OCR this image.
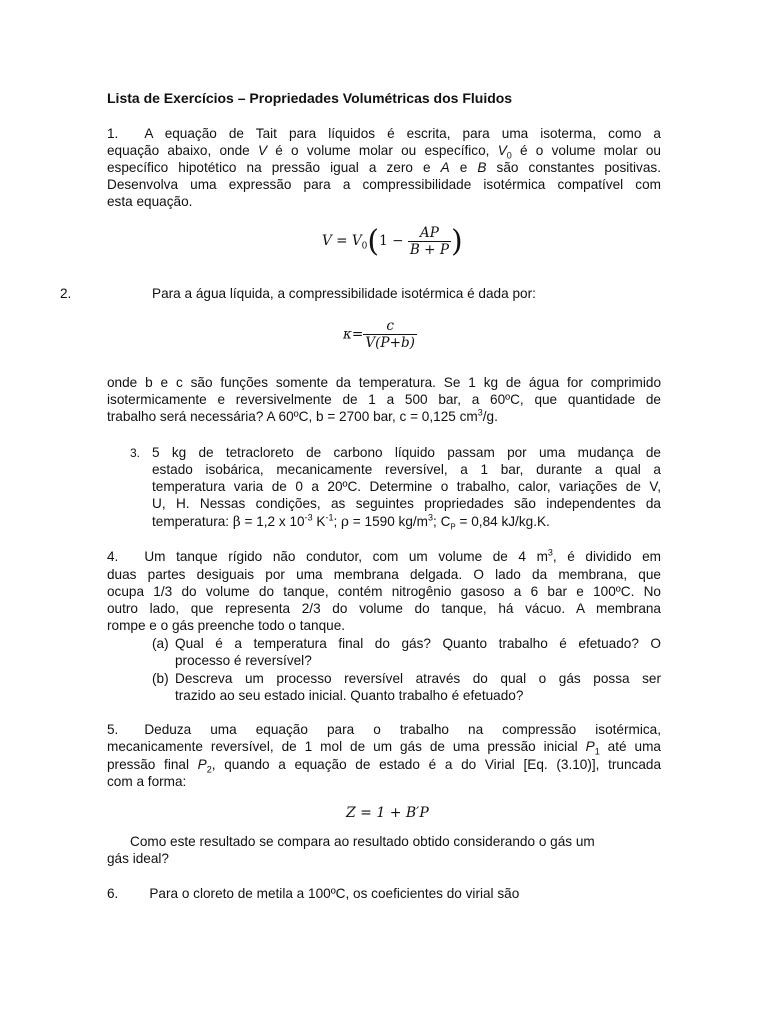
Lista de Exercícios – Propriedades Volumétricas dos Fluidos
1. A equação de Tait para líquidos é escrita, para uma isoterma, como a
equação abaixo, onde V é o volume molar ou específico, $V_0$ é o volume molar ou
específico hipotético na pressão igual a zero e A e B são constantes positivas.
Desenvolva uma expressão para a compressibilidade isotérmica compatível com
esta equação.
$V = V_0(1 - \frac{AP}{B + P}$ )
2.	Para a água líquida, a compressibilidade isotérmica é dada por:
$\kappa= \frac{c}{V(P+b)}$
onde b e c são funções somente da temperatura. Se 1 kg de água for comprimido
isotermicamente e reversivelmente de 1 a 500 bar, a 60ºC, que quantidade de
trabalho será necessária? A 60ºC, b = 2700 bar, c = 0,125 $cm^3/g$.
3. 5 kg de tetracloreto de carbono líquido passam por uma mudança de
estado isobárica, mecanicamente reversível, a 1 bar, durante a qual a
temperatura varia de 0 a 20ºC. Determine o trabalho, calor, variações de V,
U, H. Nessas condições, as seguintes propriedades são independentes da
temperatura: β = 1,2 x $10^{-3}$ $K^{-1}$; ρ = 1590 $kg/m^3$; $C_P = 0,84$ kJ/kg.K.
4. Um tanque rígido não condutor, com um volume de 4 $m^3$, é dividido em
duas partes desiguais por uma membrana delgada. O lado da membrana, que
ocupa 1/3 do volume do tanque, contém nitrogênio gasoso a 6 bar e 100ºC. No
outro lado, que representa 2/3 do volume do tanque, há vácuo. A membrana
rompe e o gás preenche todo o tanque.
(a) Qual é a temperatura final do gás? Quanto trabalho é efetuado? O
processo é reversível?
(b) Descreva um processo reversível através do qual o gás possa ser
trazido ao seu estado inicial. Quanto trabalho é efetuado?
5. Deduza uma equação para o trabalho na compressão isotérmica,
mecanicamente reversível, de 1 mol de um gás de uma pressão inicial $P_1$ até uma
pressão final $P_2$, quando a equação de estado é a do Virial [Eq. (3.10)], truncada
com a forma:
Z = 1 + B′P
Como este resultado se compara ao resultado obtido considerando o gás um
gás ideal?
6. Para o cloreto de metila a 100ºC, os coeficientes do virial são
